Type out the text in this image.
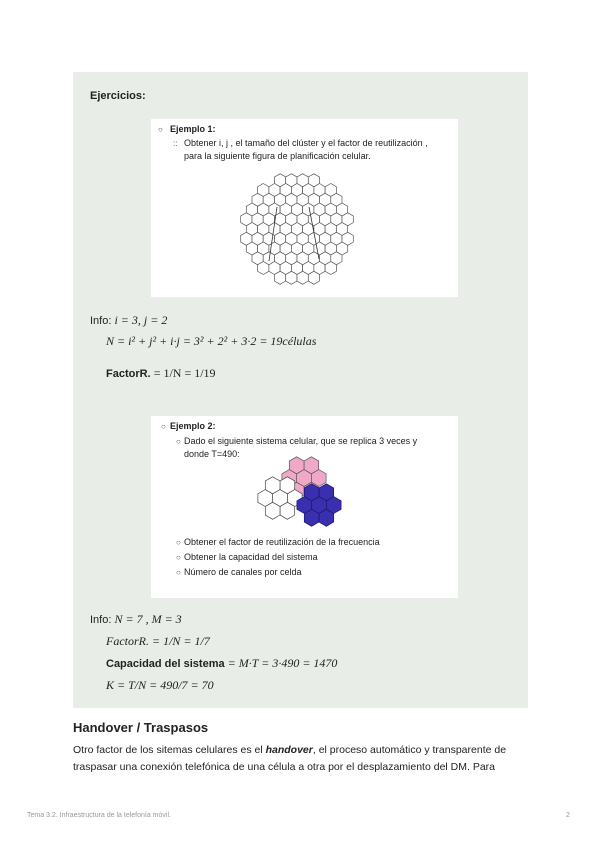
Ejercicios:
○ Ejemplo 1:
:: Obtener i, j , el tamaño del clúster y el factor de reutilización ,
para la siguiente figura de planificación celular.
Info: i = 3, j = 2
N = i² + j² + i·j = 3² + 2² + 3·2 = 19células
FactorR. = 1/N = 1/19
○ Ejemplo 2:
○ Dado el siguiente sistema celular, que se replica 3 veces y
donde T=490:
○ Obtener el factor de reutilización de la frecuencia
○ Obtener la capacidad del sistema
○ Número de canales por celda
Info: N = 7 , M = 3
FactorR. = 1/N = 1/7
Capacidad del sistema = M·T = 3·490 = 1470
K = T/N = 490/7 = 70
Handover / Traspasos
Otro factor de los sitemas celulares es el handover, el proceso automático y transparente de traspasar una conexión telefónica de una célula a otra por el desplazamiento del DM. Para
Tema 3.2. Infraestructura de la telefonía móvil.	2
